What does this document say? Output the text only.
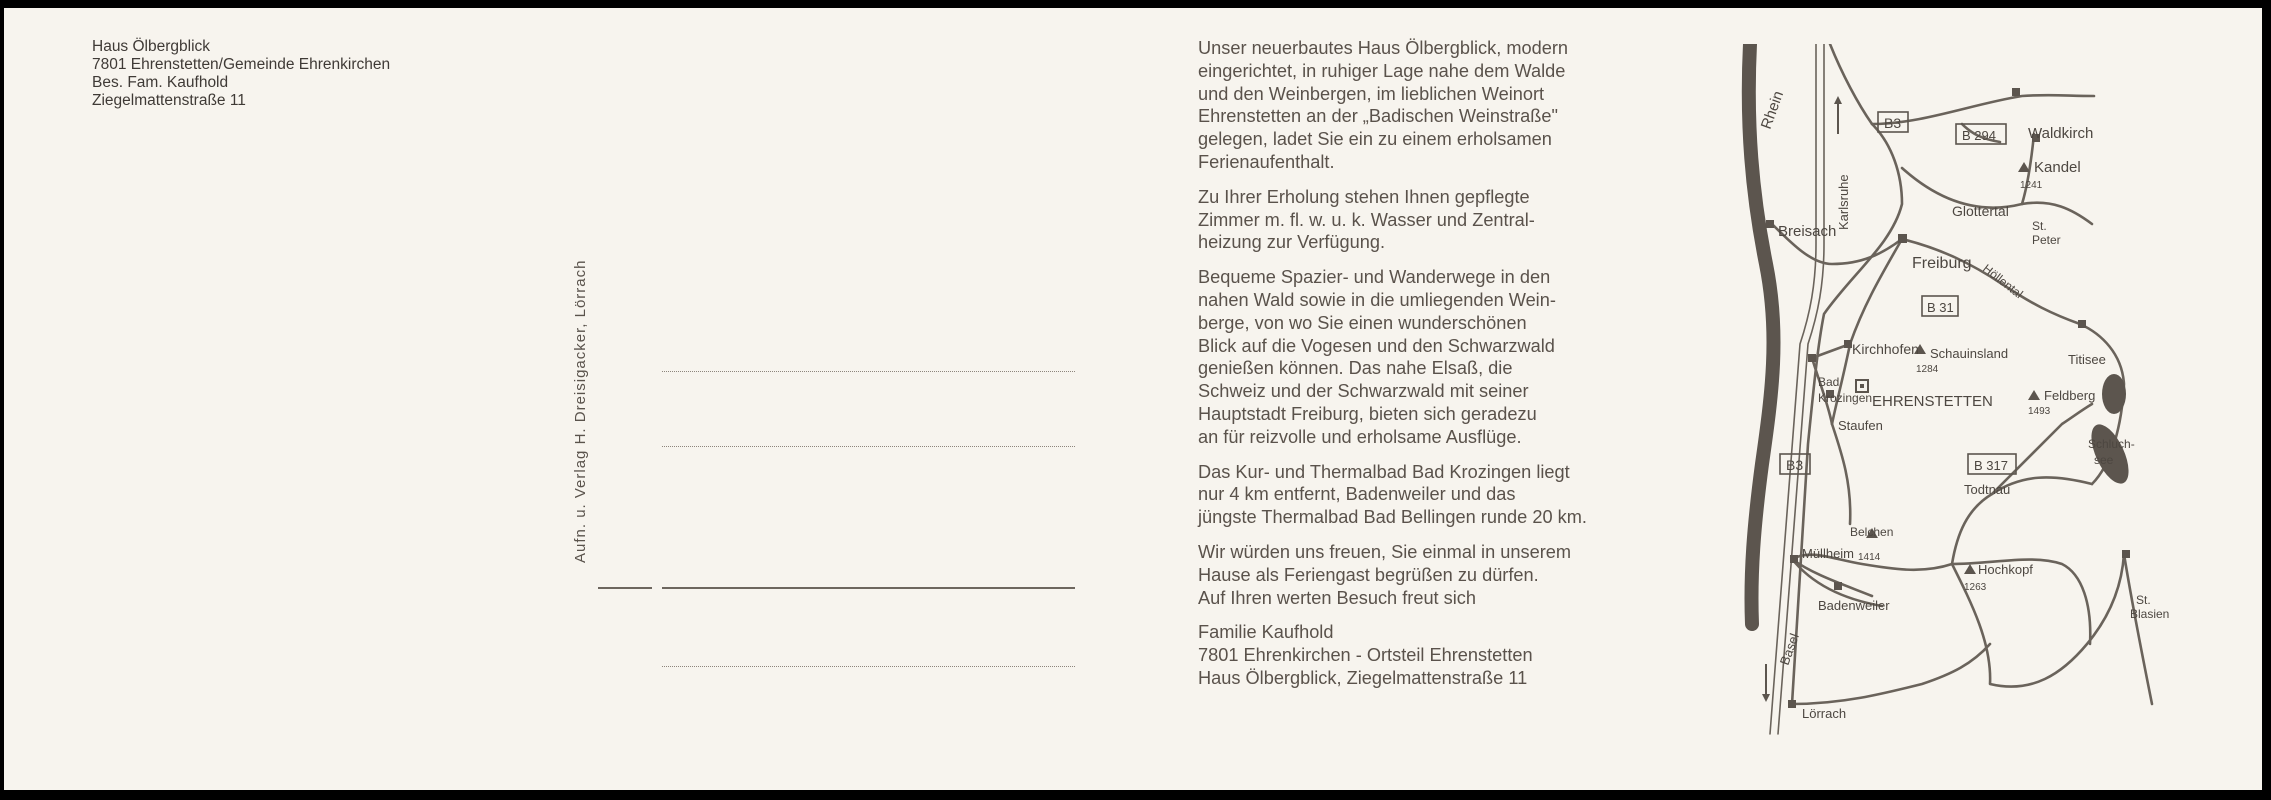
Haus Ölbergblick
7801 Ehrenstetten/Gemeinde Ehrenkirchen
Bes. Fam. Kaufhold
Ziegelmattenstraße 11
Aufn. u. Verlag H. Dreisigacker, Lörrach

Unser neuerbautes Haus Ölbergblick, modern
eingerichtet, in ruhiger Lage nahe dem Walde
und den Weinbergen, im lieblichen Weinort
Ehrenstetten an der „Badischen Weinstraße"
gelegen, ladet Sie ein zu einem erholsamen
Ferienaufenthalt.

Zu Ihrer Erholung stehen Ihnen gepflegte
Zimmer m. fl. w. u. k. Wasser und Zentral-
heizung zur Verfügung.

Bequeme Spazier- und Wanderwege in den
nahen Wald sowie in die umliegenden Wein-
berge, von wo Sie einen wunderschönen
Blick auf die Vogesen und den Schwarzwald
genießen können. Das nahe Elsaß, die
Schweiz und der Schwarzwald mit seiner
Hauptstadt Freiburg, bieten sich geradezu
an für reizvolle und erholsame Ausflüge.

Das Kur- und Thermalbad Bad Krozingen liegt
nur 4 km entfernt, Badenweiler und das
jüngste Thermalbad Bad Bellingen runde 20 km.

Wir würden uns freuen, Sie einmal in unserem
Hause als Feriengast begrüßen zu dürfen.
Auf Ihren werten Besuch freut sich

Familie Kaufhold
7801 Ehrenkirchen - Ortsteil Ehrenstetten
Haus Ölbergblick, Ziegelmattenstraße 11

Rhein
Karlsruhe
Basel
B3
B 294 Waldkirch
Kandel
1241
Glottertal
St.
Peter
Breisach
Freiburg
B 31
Höllental
Titisee
Kirchhofen Schauinsland
1284
EHRENSTETTEN
Bad
Krozingen
Staufen
Feldberg
1493
B3	B 317
Todtnau
Schluch-
see
Belchen
1414
Müllheim
Badenweiler
Hochkopf
1263
St.
Blasien
Lörrach
